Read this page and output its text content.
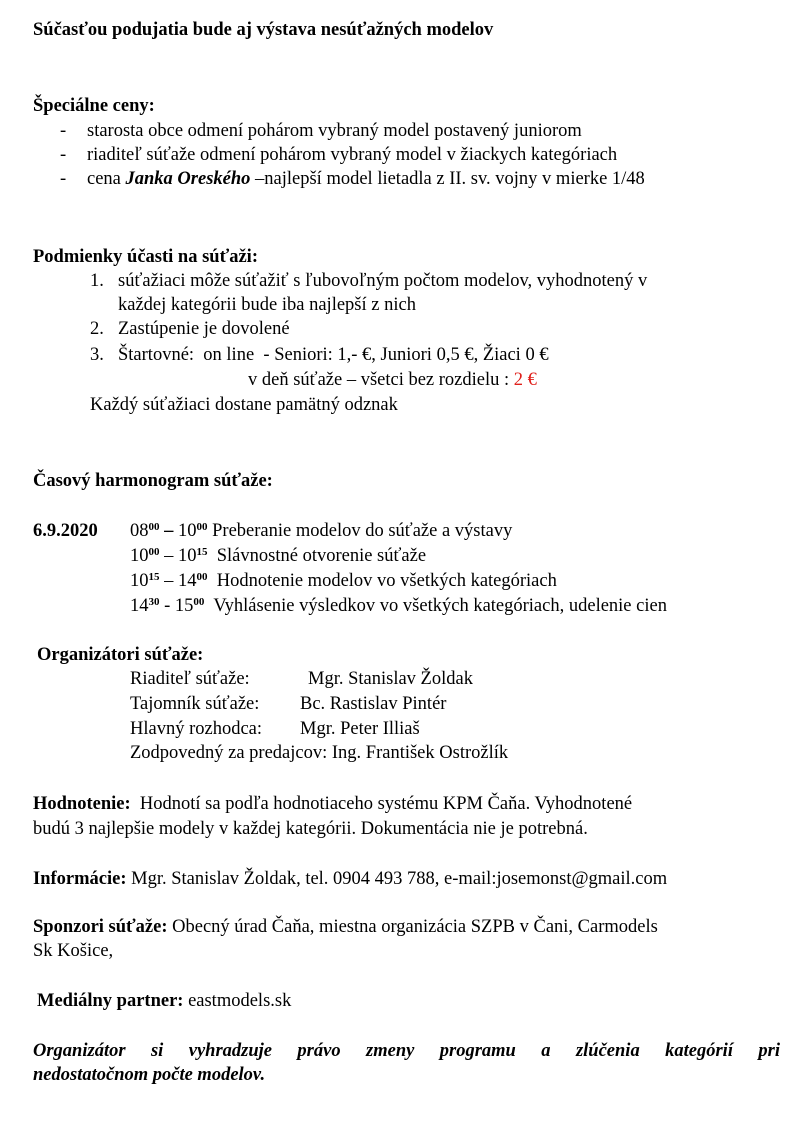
Súčasťou podujatia bude aj výstava nesúťažných modelov
Špeciálne ceny:
- starosta obce odmení pohárom vybraný model postavený juniorom
- riaditeľ súťaže odmení pohárom vybraný model v žiackych kategóriach
- cena Janka Oreského –najlepší model lietadla z II. sv. vojny v mierke 1/48
Podmienky účasti na súťaži:
1. súťažiaci môže súťažiť s ľubovoľným počtom modelov, vyhodnotený v
každej kategórii bude iba najlepší z nich
2. Zastúpenie je dovolené
3. Štartovné:  on line  - Seniori: 1,- €, Juniori 0,5 €, Žiaci 0 €
v deň súťaže – všetci bez rozdielu : 2 €
Každý súťažiaci dostane pamätný odznak
Časový harmonogram súťaže:
6.9.2020 $08^{00} - 10^{00}$ Preberanie modelov do súťaže a výstavy
$10^{00} - 10^{15}$  Slávnostné otvorenie súťaže
$10^{15} - 14^{00}$  Hodnotenie modelov vo všetkých kategóriach
$14^{30} - 15^{00}$  Vyhlásenie výsledkov vo všetkých kategóriach, udelenie cien
Organizátori súťaže:
Riaditeľ súťaže:	Mgr. Stanislav Žoldak
Tajomník súťaže: Bc. Rastislav Pintér
Hlavný rozhodca: Mgr. Peter Illiaš
Zodpovedný za predajcov: Ing. František Ostrožlík
Hodnotenie:  Hodnotí sa podľa hodnotiaceho systému KPM Čaňa. Vyhodnotené
budú 3 najlepšie modely v každej kategórii. Dokumentácia nie je potrebná.
Informácie: Mgr. Stanislav Žoldak, tel. 0904 493 788, e-mail:josemonst@gmail.com
Sponzori súťaže: Obecný úrad Čaňa, miestna organizácia SZPB v Čani, Carmodels
Sk Košice,
Mediálny partner: eastmodels.sk
Organizátor si vyhradzuje právo zmeny programu a zlúčenia kategórií pri
nedostatočnom počte modelov.
